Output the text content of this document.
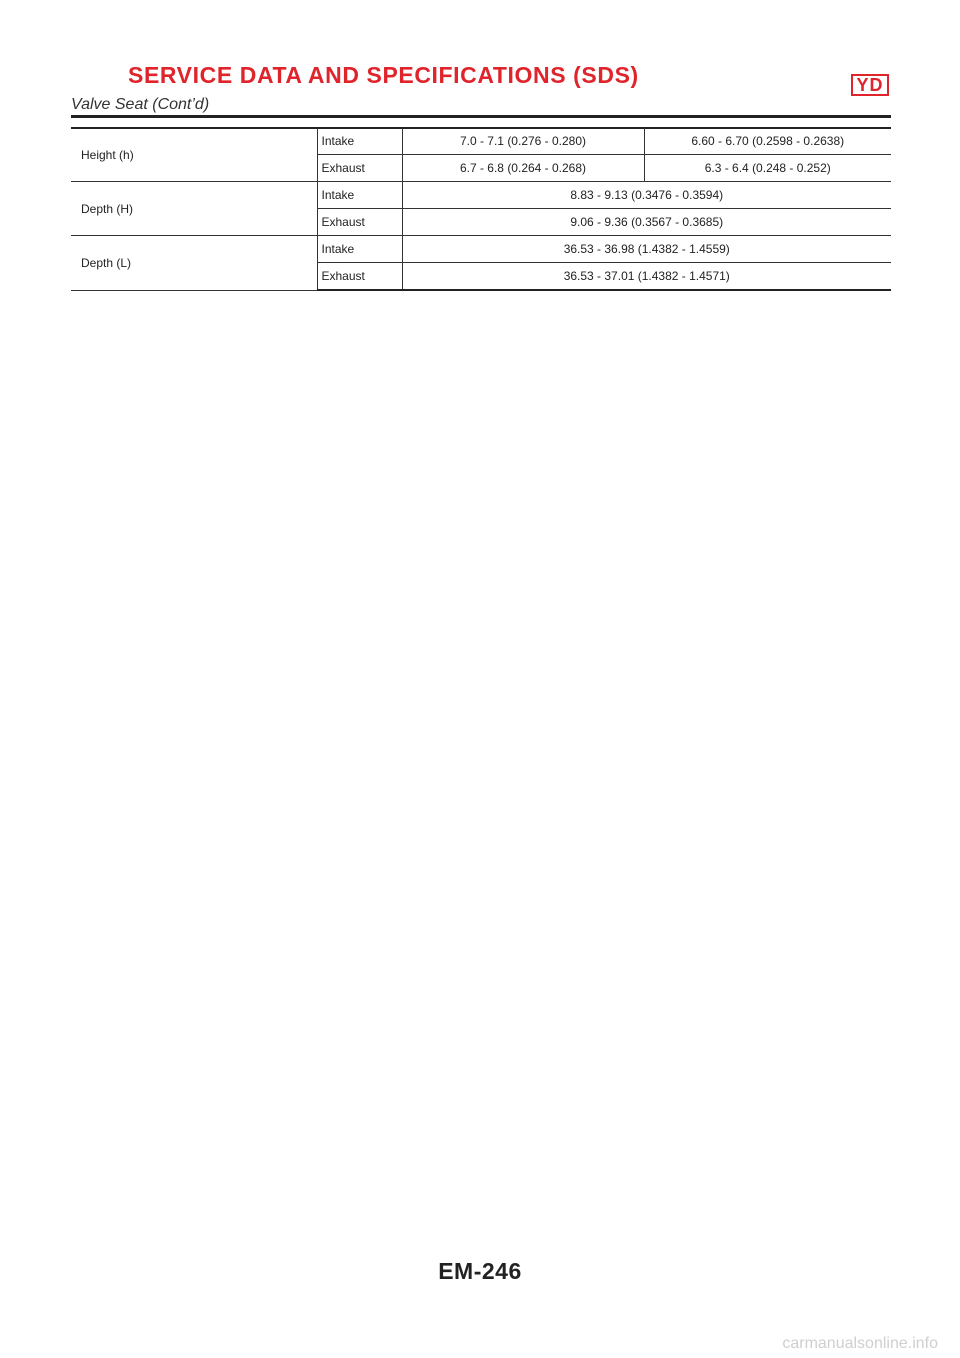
SERVICE DATA AND SPECIFICATIONS (SDS)	YD
Valve Seat (Cont’d)
Height (h)	Intake	7.0 - 7.1 (0.276 - 0.280)	6.60 - 6.70 (0.2598 - 0.2638)
	Exhaust	6.7 - 6.8 (0.264 - 0.268)	6.3 - 6.4 (0.248 - 0.252)
Depth (H)	Intake	8.83 - 9.13 (0.3476 - 0.3594)	
	Exhaust	9.06 - 9.36 (0.3567 - 0.3685)	
Depth (L)	Intake	36.53 - 36.98 (1.4382 - 1.4559)	
	Exhaust	36.53 - 37.01 (1.4382 - 1.4571)	
EM-246
carmanualsonline.info
